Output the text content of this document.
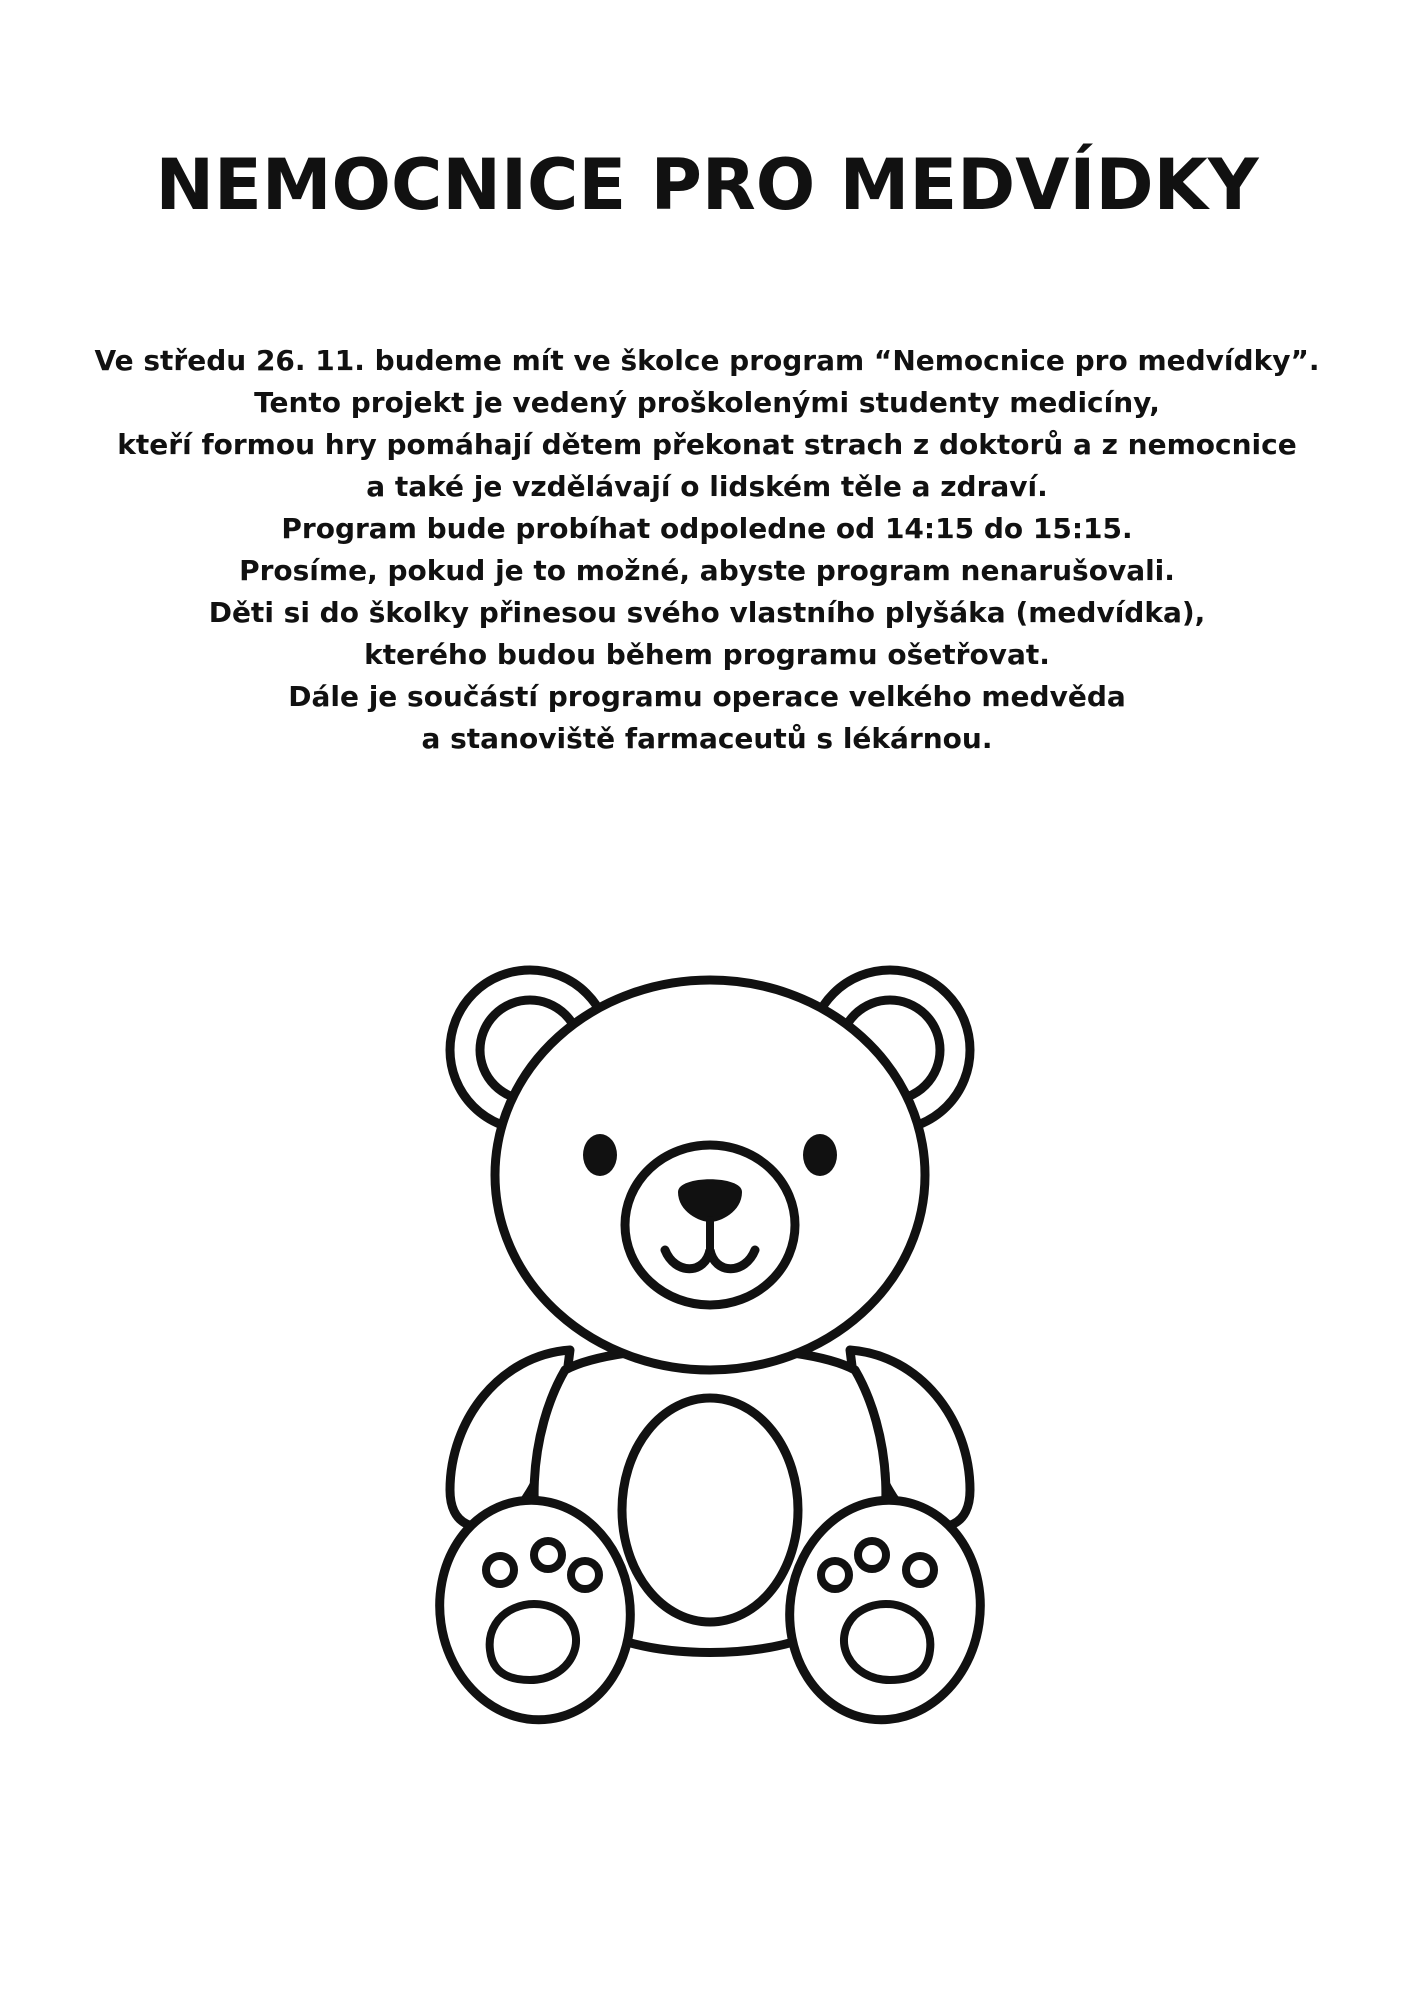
NEMOCNICE PRO MEDVÍDKY
Ve středu 26. 11. budeme mít ve školce program “Nemocnice pro medvídky”.
Tento projekt je vedený proškolenými studenty medicíny,
kteří formou hry pomáhají dětem překonat strach z doktorů a z nemocnice
a také je vzdělávají o lidském těle a zdraví.
Program bude probíhat odpoledne od 14:15 do 15:15.
Prosíme, pokud je to možné, abyste program nenarušovali.
Děti si do školky přinesou svého vlastního plyšáka (medvídka),
kterého budou během programu ošetřovat.
Dále je součástí programu operace velkého medvěda
a stanoviště farmaceutů s lékárnou.
